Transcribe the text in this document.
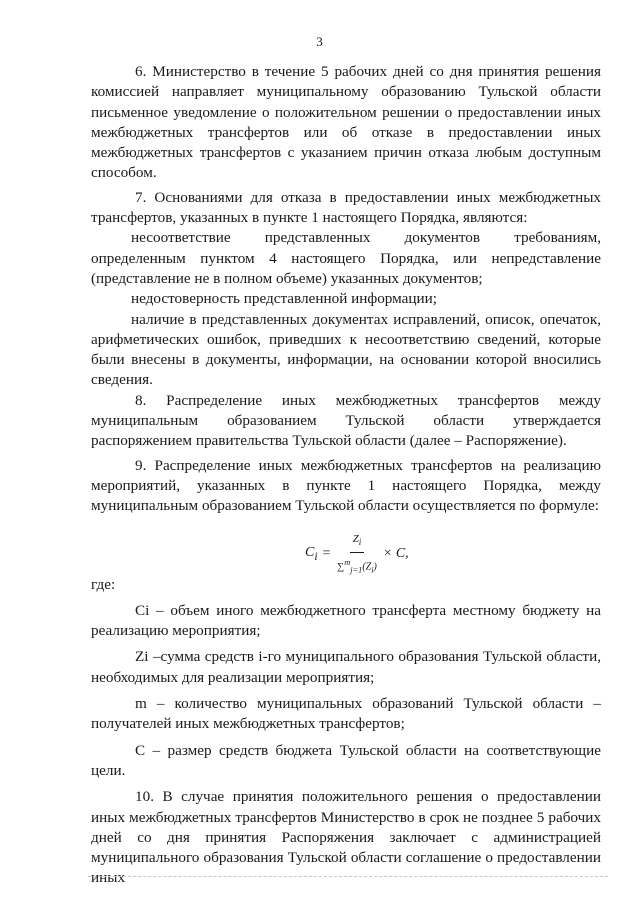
3

6. Министерство в течение 5 рабочих дней со дня принятия решения комиссией направляет муниципальному образованию Тульской области письменное уведомление о положительном решении о предоставлении иных межбюджетных трансфертов или об отказе в предоставлении иных межбюджетных трансфертов с указанием причин отказа любым доступным способом.

7. Основаниями для отказа в предоставлении иных межбюджетных трансфертов, указанных в пункте 1 настоящего Порядка, являются:

несоответствие представленных документов требованиям, определенным пунктом 4 настоящего Порядка, или непредставление (представление не в полном объеме) указанных документов;

недостоверность представленной информации;

наличие в представленных документах исправлений, описок, опечаток, арифметических ошибок, приведших к несоответствию сведений, которые были внесены в документы, информации, на основании которой вносились сведения.

8. Распределение иных межбюджетных трансфертов между муниципальным образованием Тульской области утверждается распоряжением правительства Тульской области (далее – Распоряжение).

9. Распределение иных межбюджетных трансфертов на реализацию мероприятий, указанных в пункте 1 настоящего Порядка, между муниципальным образованием Тульской области осуществляется по формуле:

$C_i = \frac{Z_i}{\sum^m_{j=1}(Z_i)} \times C$,

где:

Ci – объем иного межбюджетного трансферта местному бюджету на реализацию мероприятия;

Zi –сумма средств i-го муниципального образования Тульской области, необходимых для реализации мероприятия;

m – количество муниципальных образований Тульской области – получателей иных межбюджетных трансфертов;

C – размер средств бюджета Тульской области на соответствующие цели.

10. В случае принятия положительного решения о предоставлении иных межбюджетных трансфертов Министерство в срок не позднее 5 рабочих дней со дня принятия Распоряжения заключает с администрацией муниципального образования Тульской области соглашение о предоставлении иных
